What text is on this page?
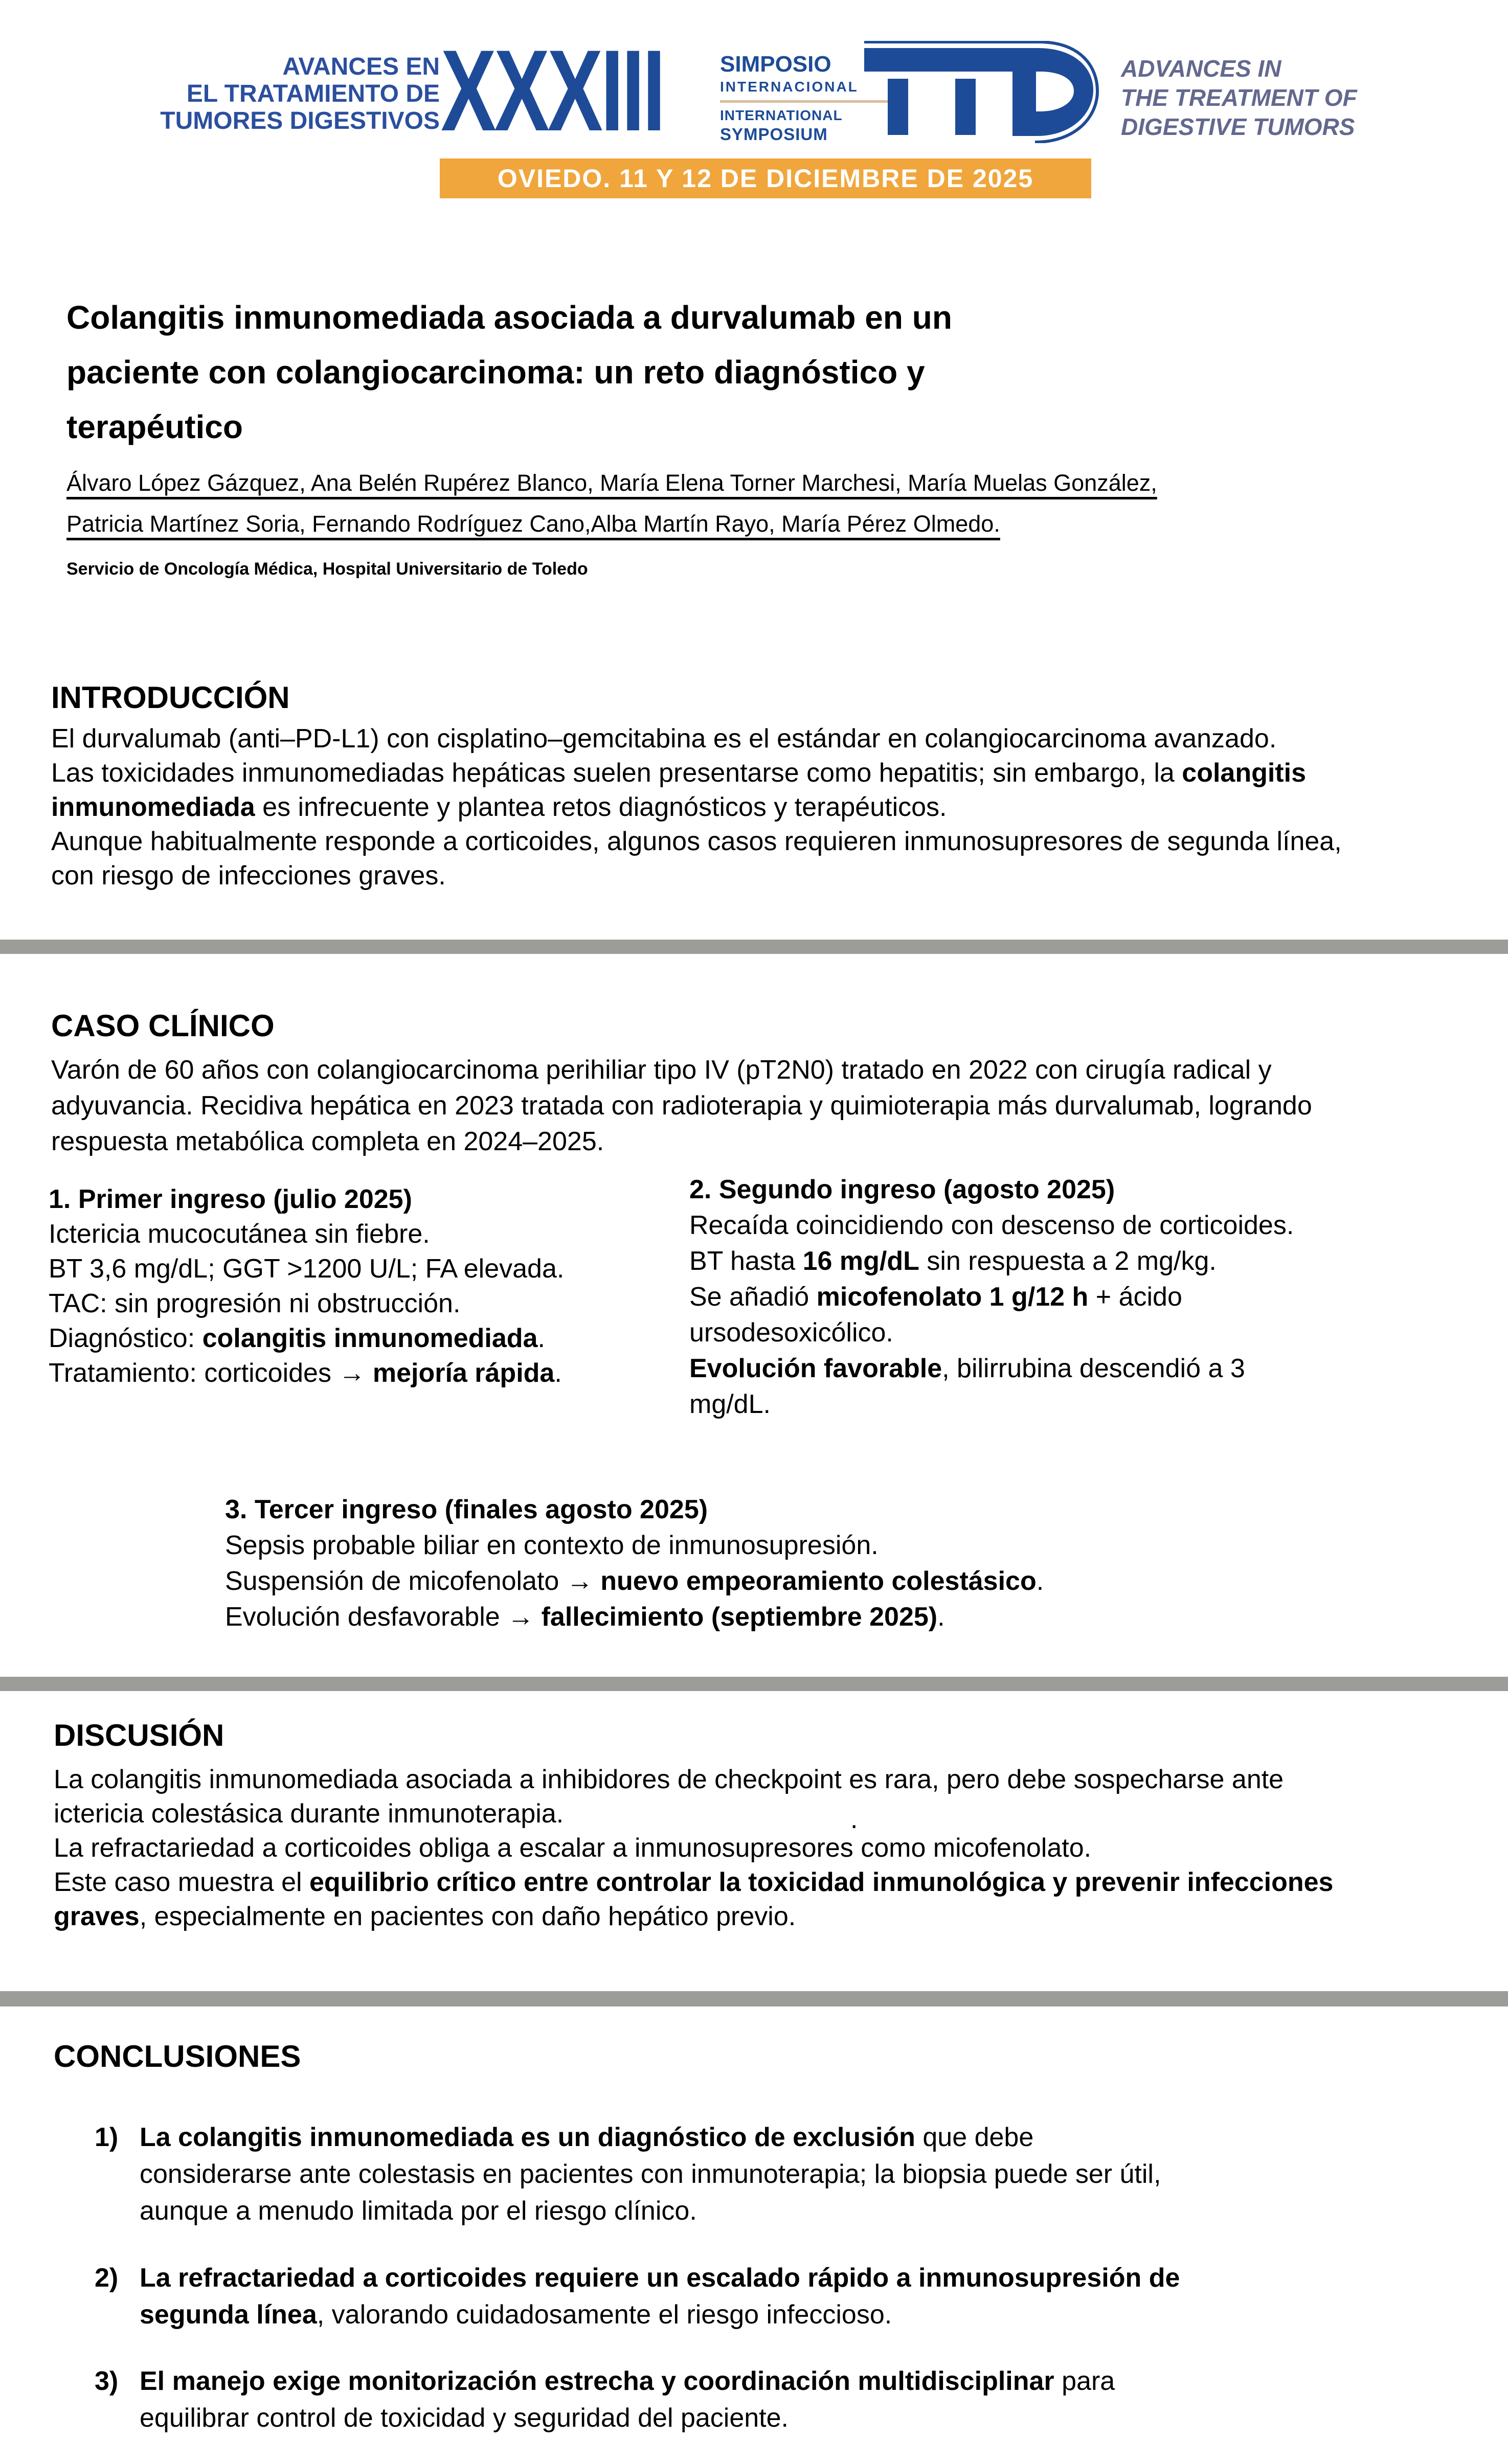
AVANCES EN
EL TRATAMIENTO DE
TUMORES DIGESTIVOS XXXIII	SIMPOSIO
INTERNACIONAL
INTERNATIONAL
SYMPOSIUM
ADVANCES IN
THE TREATMENT OF
DIGESTIVE TUMORS
OVIEDO. 11 Y 12 DE DICIEMBRE DE 2025
Colangitis inmunomediada asociada a durvalumab en un
paciente con colangiocarcinoma: un reto diagnóstico y
terapéutico
Álvaro López Gázquez, Ana Belén Rupérez Blanco, María Elena Torner Marchesi, María Muelas González,
Patricia Martínez Soria, Fernando Rodríguez Cano,Alba Martín Rayo, María Pérez Olmedo.
Servicio de Oncología Médica, Hospital Universitario de Toledo
INTRODUCCIÓN
El durvalumab (anti–PD-L1) con cisplatino–gemcitabina es el estándar en colangiocarcinoma avanzado.
Las toxicidades inmunomediadas hepáticas suelen presentarse como hepatitis; sin embargo, la colangitis
inmunomediada es infrecuente y plantea retos diagnósticos y terapéuticos.
Aunque habitualmente responde a corticoides, algunos casos requieren inmunosupresores de segunda línea,
con riesgo de infecciones graves.
CASO CLÍNICO
Varón de 60 años con colangiocarcinoma perihiliar tipo IV (pT2N0) tratado en 2022 con cirugía radical y
adyuvancia. Recidiva hepática en 2023 tratada con radioterapia y quimioterapia más durvalumab, logrando
respuesta metabólica completa en 2024–2025.
1. Primer ingreso (julio 2025)
Ictericia mucocutánea sin fiebre.
BT 3,6 mg/dL; GGT >1200 U/L; FA elevada.
TAC: sin progresión ni obstrucción.
Diagnóstico: colangitis inmunomediada.
Tratamiento: corticoides → mejoría rápida.
2. Segundo ingreso (agosto 2025)
Recaída coincidiendo con descenso de corticoides.
BT hasta 16 mg/dL sin respuesta a 2 mg/kg.
Se añadió micofenolato 1 g/12 h + ácido
ursodesoxicólico.
Evolución favorable, bilirrubina descendió a 3
mg/dL.
3. Tercer ingreso (finales agosto 2025)
Sepsis probable biliar en contexto de inmunosupresión.
Suspensión de micofenolato → nuevo empeoramiento colestásico.
Evolución desfavorable → fallecimiento (septiembre 2025).
DISCUSIÓN
La colangitis inmunomediada asociada a inhibidores de checkpoint es rara, pero debe sospecharse ante
ictericia colestásica durante inmunoterapia.
La refractariedad a corticoides obliga a escalar a inmunosupresores como micofenolato.
Este caso muestra el equilibrio crítico entre controlar la toxicidad inmunológica y prevenir infecciones
graves, especialmente en pacientes con daño hepático previo.
.
CONCLUSIONES
1) La colangitis inmunomediada es un diagnóstico de exclusión que debe
considerarse ante colestasis en pacientes con inmunoterapia; la biopsia puede ser útil,
aunque a menudo limitada por el riesgo clínico.
2) La refractariedad a corticoides requiere un escalado rápido a inmunosupresión de
segunda línea, valorando cuidadosamente el riesgo infeccioso.
3) El manejo exige monitorización estrecha y coordinación multidisciplinar para
equilibrar control de toxicidad y seguridad del paciente.
